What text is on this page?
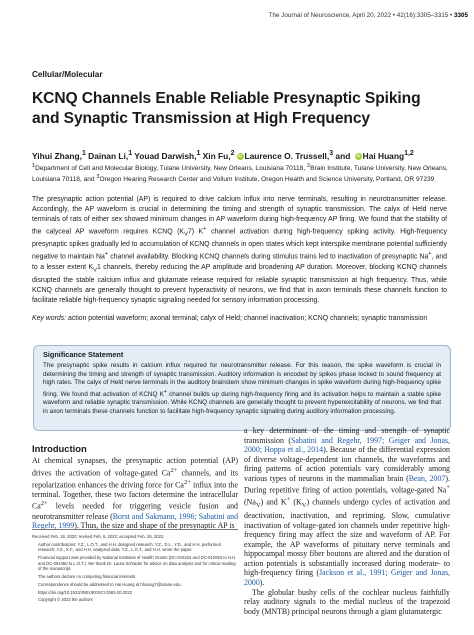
The Journal of Neuroscience, April 20, 2022 • 42(16):3305–3315 • 3305
Cellular/Molecular
KCNQ Channels Enable Reliable Presynaptic Spiking and Synaptic Transmission at High Frequency
Yihui Zhang,$^1$ Dainan Li,$^1$ Youad Darwish,$^1$ Xin Fu,$^2$iD Laurence O. Trussell,$^3$ and iDHai Huang$^{1,2}$
$^1$Department of Cell and Molecular Biology, Tulane University, New Orleans, Louisiana 70118, $^2$Brain Institute, Tulane University, New Orleans, Louisiana 70118, and $^3$Oregon Hearing Research Center and Vollum Institute, Oregon Health and Science University, Portland, OR 97239

The presynaptic action potential (AP) is required to drive calcium influx into nerve terminals, resulting in neurotransmitter release. Accordingly, the AP waveform is crucial in determining the timing and strength of synaptic transmission. The calyx of Held nerve terminals of rats of either sex showed minimum changes in AP waveform during high-frequency AP firing. We found that the stability of the calyceal AP waveform requires KCNQ $(K_V7)$ K+ channel activation during high-frequency spiking activity. High-frequency presynaptic spikes gradually led to accumulation of KCNQ channels in open states which kept interspike membrane potential sufficiently negative to maintain Na+ channel availability. Blocking KCNQ channels during stimulus trains led to inactivation of presynaptic Na+, and to a lesser extent $K_V1$ channels, thereby reducing the AP amplitude and broadening AP duration. Moreover, blocking KCNQ channels disrupted the stable calcium influx and glutamate release required for reliable synaptic transmission at high frequency. Thus, while KCNQ channels are generally thought to prevent hyperactivity of neurons, we find that in axon terminals these channels function to facilitate reliable high-frequency synaptic signaling needed for sensory information processing.

Key words: action potential waveform; axonal terminal; calyx of Held; channel inactivation; KCNQ channels; synaptic transmission
Significance Statement
The presynaptic spike results in calcium influx required for neurotransmitter release. For this reason, the spike waveform is crucial in determining the timing and strength of synaptic transmission. Auditory information is encoded by spikes phase locked to sound frequency at high rates. The calyx of Held nerve terminals in the auditory brainstem show minimum changes in spike waveform during high-frequency spike firing. We found that activation of KCNQ K+ channel builds up during high-frequency firing and its activation helps to maintain a stable spike waveform and reliable synaptic transmission. While KCNQ channels are generally thought to prevent hyperexcitability of neurons, we find that in axon terminals these channels function to facilitate high-frequency synaptic signaling during auditory information processing.
Introduction

At chemical synapses, the presynaptic action potential (AP) drives the activation of voltage-gated $Ca^{2+}$ channels, and its repolarization enhances the driving force for $Ca^{2+}$ influx into the terminal. Together, these two factors determine the intracellular $Ca^{2+}$ levels needed for triggering vesicle fusion and neurotransmitter release (Borst and Sakmann, 1996; Sabatini and Regehr, 1999). Thus, the size and shape of the presynaptic AP is

a key determinant of the timing and strength of synaptic transmission (Sabatini and Regehr, 1997; Geiger and Jonas, 2000; Hoppa et al., 2014). Because of the differential expression of diverse voltage-dependent ion channels, the waveforms and firing patterns of action potentials vary considerably among various types of neurons in the mammalian brain (Bean, 2007). During repetitive firing of action potentials, voltage-gated Na+ $(Na_V)$ and K+ $(K_V)$ channels undergo cycles of activation and deactivation, inactivation, and repriming. Slow, cumulative inactivation of voltage-gated ion channels under repetitive high-frequency firing may affect the size and waveform of AP. For example, the AP waveforms of pituitary nerve terminals and hippocampal mossy fiber boutons are altered and the duration of action potentials is substantially increased during moderate- to high-frequency firing (Jackson et al., 1991; Geiger and Jonas, 2000).

The globular bushy cells of the cochlear nucleus faithfully relay auditory signals to the medial nucleus of the trapezoid body (MNTB) principal neurons through a giant glutamatergic

Received Feb. 16, 2020; revised Feb. 6, 2022; accepted Feb. 26, 2022.
Author contributions: Y.Z., L.O.T., and H.H. designed research; Y.Z., D.L., Y.D., and H.H. performed research; Y.Z., X.F., and H.H. analyzed data; Y.Z., L.O.T., and H.H. wrote the paper.
Financial support was provided by National Institutes of Health Grants (DC-016324 and DC-012063 to H.H. and DC-004450 to L.O.T.). We thank Dr. Laura Schrader for advice on data analysis and for critical reading of the manuscript.
The authors declare no competing financial interests.
Correspondence should be addressed to Hai Huang at hhuang7@tulane.edu.
https://doi.org/10.1523/JNEUROSCI.0363-20.2022
Copyright © 2022 the authors
